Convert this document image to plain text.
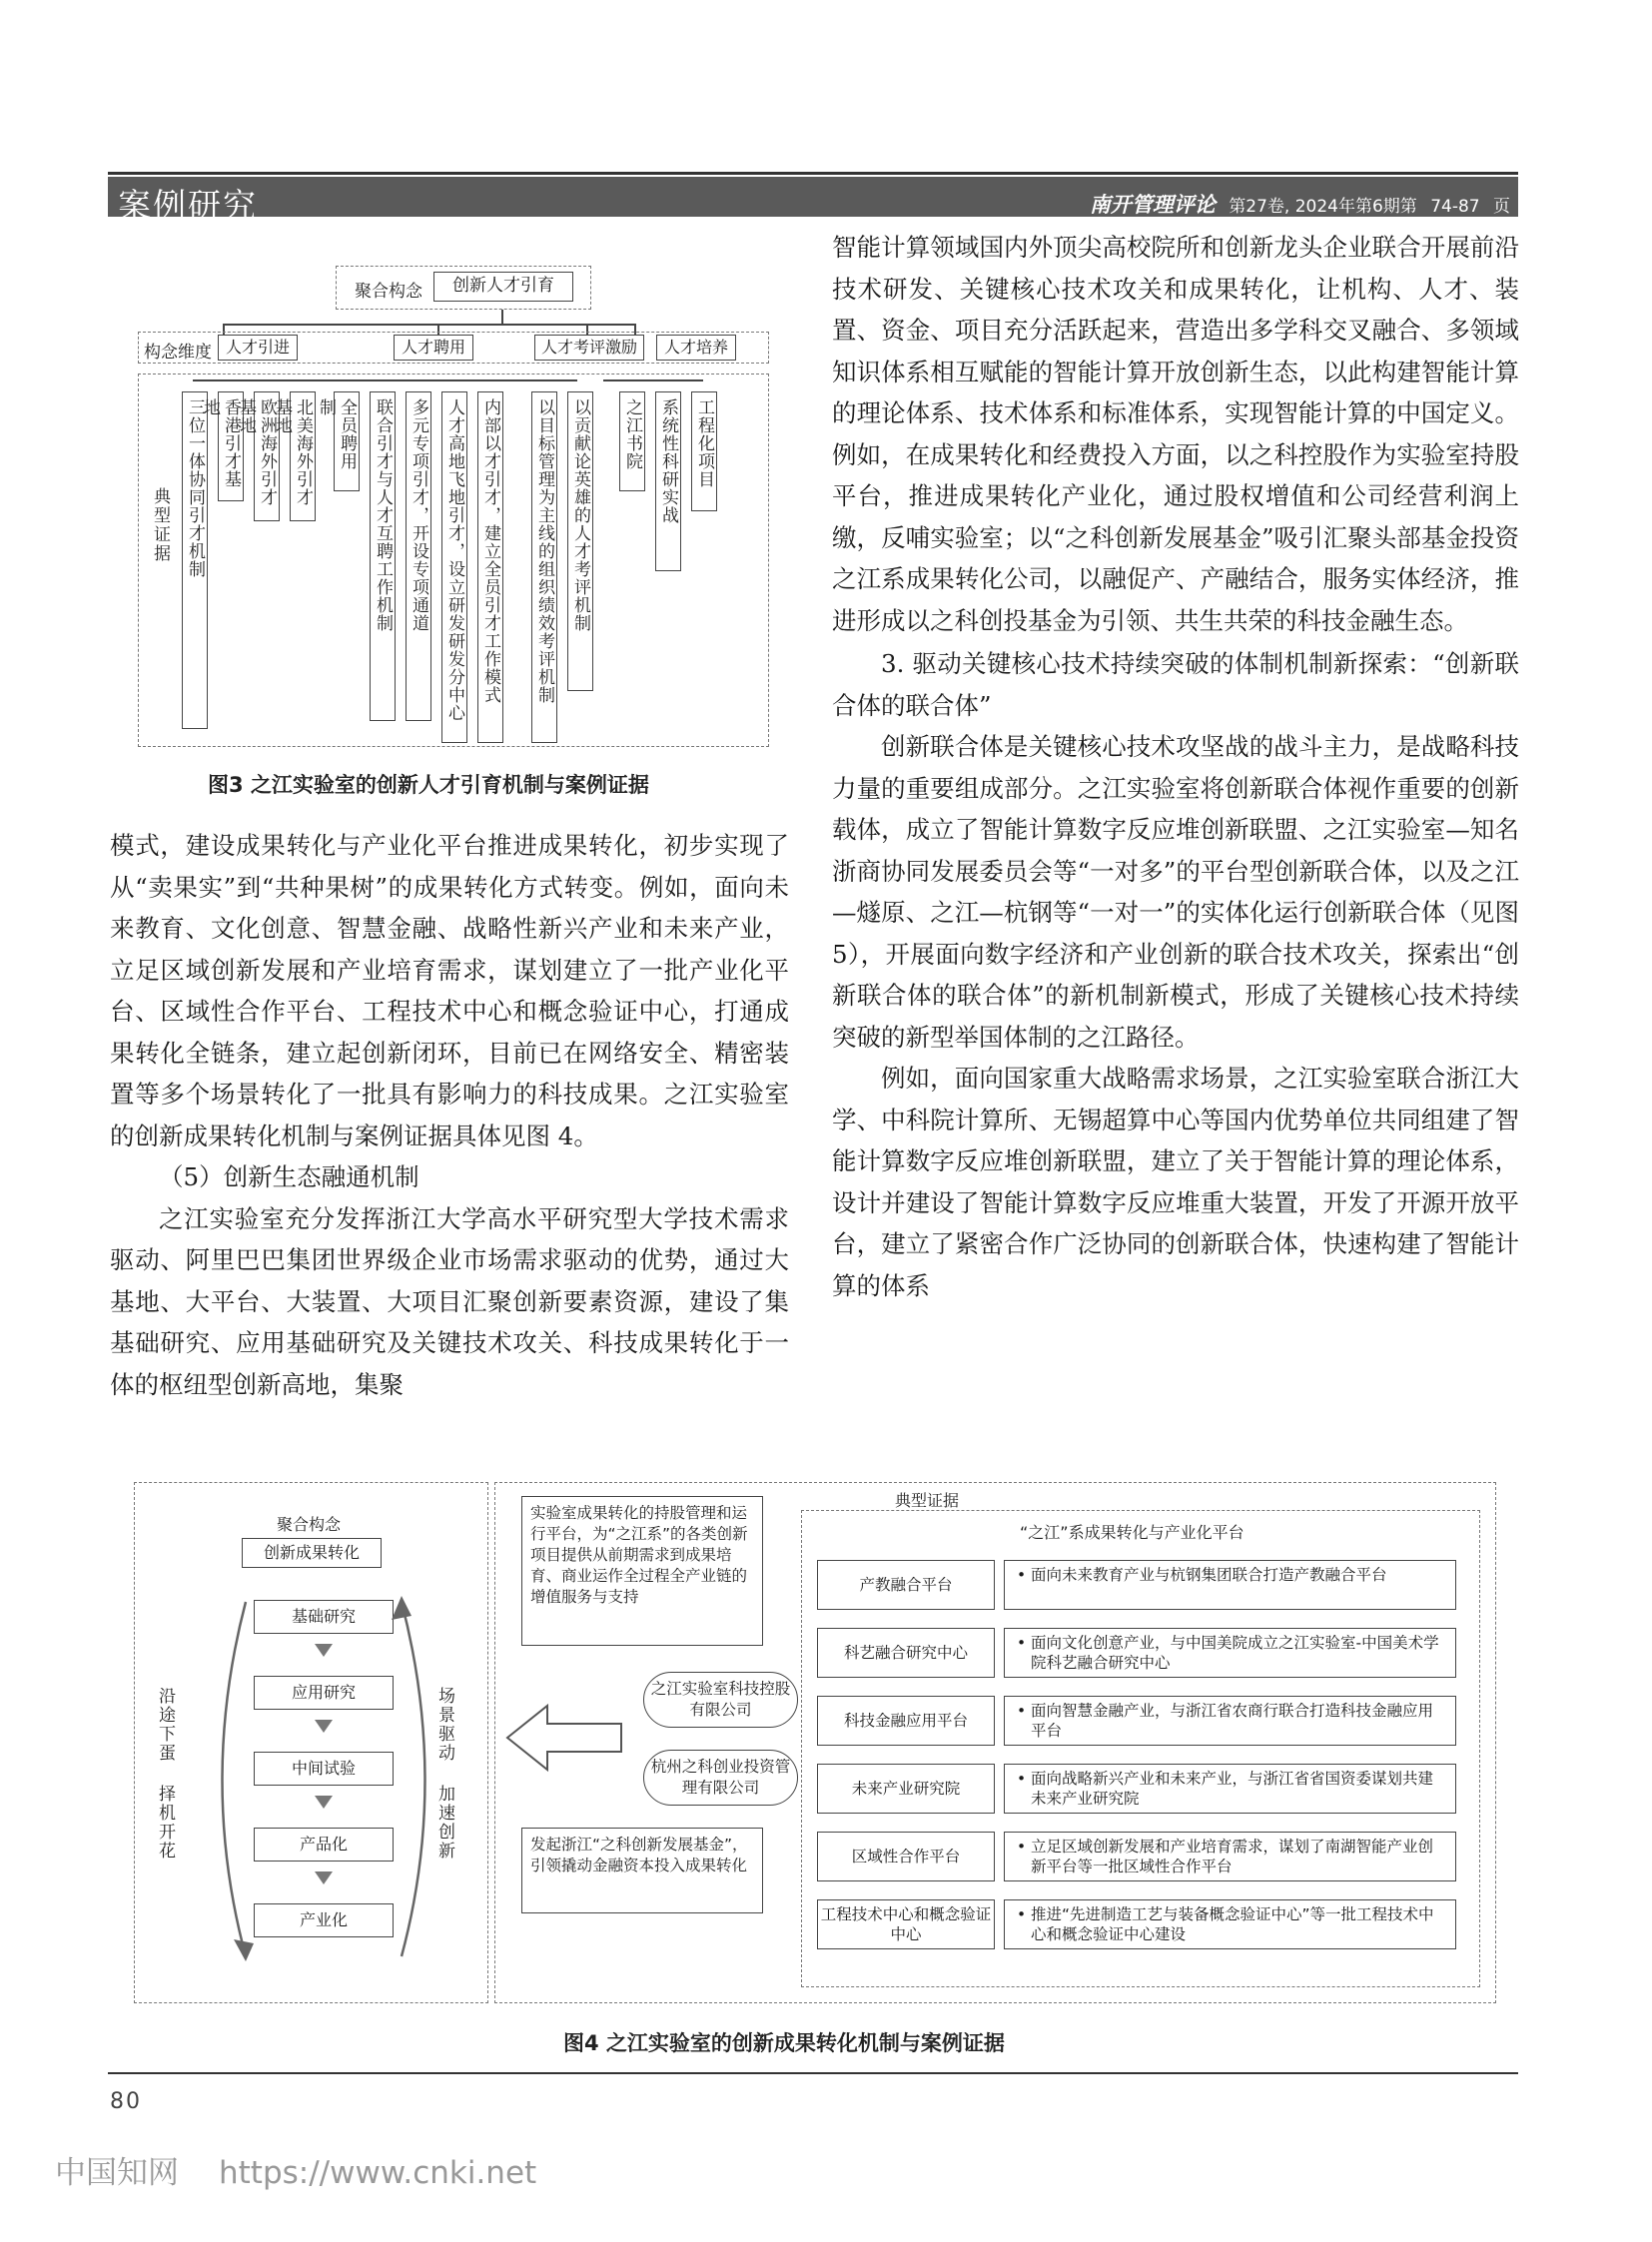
案例研究	南开管理评论 第27卷, 2024年第6期第 74-87 页
聚合构念	创新人才引育
构念维度 人才引进	人才聘用	人才考评激励	人才培养
典型证据 三位一体协同引才机制 香港引才基地	欧洲海外引才基地	北美海外引才基地	全员聘用制	联合引才与人才互聘工作机制 多元专项引才，开设专项通道 人才高地飞地引才，设立研发研发分中心 内部以才引才，建立全员引才工作模式 以目标管理为主线的组织绩效考评机制 以贡献论英雄的人才考评机制 之江书院 系统性科研实战 工程化项目
图3 之江实验室的创新人才引育机制与案例证据

模式，建设成果转化与产业化平台推进成果转化，初步实现了从“卖果实”到“共种果树”的成果转化方式转变。例如，面向未来教育、文化创意、智慧金融、战略性新兴产业和未来产业，立足区域创新发展和产业培育需求，谋划建立了一批产业化平台、区域性合作平台、工程技术中心和概念验证中心，打通成果转化全链条，建立起创新闭环，目前已在网络安全、精密装置等多个场景转化了一批具有影响力的科技成果。之江实验室的创新成果转化机制与案例证据具体见图 4。

（5）创新生态融通机制

之江实验室充分发挥浙江大学高水平研究型大学技术需求驱动、阿里巴巴集团世界级企业市场需求驱动的优势，通过大基地、大平台、大装置、大项目汇聚创新要素资源，建设了集基础研究、应用基础研究及关键技术攻关、科技成果转化于一体的枢纽型创新高地，集聚

智能计算领域国内外顶尖高校院所和创新龙头企业联合开展前沿技术研发、关键核心技术攻关和成果转化，让机构、人才、装置、资金、项目充分活跃起来，营造出多学科交叉融合、多领域知识体系相互赋能的智能计算开放创新生态，以此构建智能计算的理论体系、技术体系和标准体系，实现智能计算的中国定义。例如，在成果转化和经费投入方面，以之科控股作为实验室持股平台，推进成果转化产业化，通过股权增值和公司经营利润上缴，反哺实验室；以“之科创新发展基金”吸引汇聚头部基金投资之江系成果转化公司，以融促产、产融结合，服务实体经济，推进形成以之科创投基金为引领、共生共荣的科技金融生态。

3. 驱动关键核心技术持续突破的体制机制新探索：“创新联合体的联合体”

创新联合体是关键核心技术攻坚战的战斗主力，是战略科技力量的重要组成部分。之江实验室将创新联合体视作重要的创新载体，成立了智能计算数字反应堆创新联盟、之江实验室—知名浙商协同发展委员会等“一对多”的平台型创新联合体，以及之江—燧原、之江—杭钢等“一对一”的实体化运行创新联合体（见图 5），开展面向数字经济和产业创新的联合技术攻关，探索出“创新联合体的联合体”的新机制新模式，形成了关键核心技术持续突破的新型举国体制的之江路径。

例如，面向国家重大战略需求场景，之江实验室联合浙江大学、中科院计算所、无锡超算中心等国内优势单位共同组建了智能计算数字反应堆创新联盟，建立了关于智能计算的理论体系，设计并建设了智能计算数字反应堆重大装置，开发了开源开放平台，建立了紧密合作广泛协同的创新联合体，快速构建了智能计算的体系

聚合构念
创新成果转化
基础研究
应用研究
中间试验
产品化
产业化
沿途下蛋 择机开花	场景驱动 加速创新
实验室成果转化的持股管理和运行平台，为“之江系”的各类创新项目提供从前期需求到成果培育、商业运作全过程全产业链的增值服务与支持
之江实验室科技控股有限公司
杭州之科创业投资管理有限公司
发起浙江“之科创新发展基金”，引领撬动金融资本投入成果转化
典型证据
“之江”系成果转化与产业化平台
产教融合平台
• 面向未来教育产业与杭钢集团联合打造产教融合平台
科艺融合研究中心
• 面向文化创意产业，与中国美院成立之江实验室-中国美术学院科艺融合研究中心
科技金融应用平台
• 面向智慧金融产业，与浙江省农商行联合打造科技金融应用平台
未来产业研究院
• 面向战略新兴产业和未来产业，与浙江省省国资委谋划共建未来产业研究院
区域性合作平台
• 立足区域创新发展和产业培育需求，谋划了南湖智能产业创新平台等一批区域性合作平台
工程技术中心和概念验证中心
• 推进“先进制造工艺与装备概念验证中心”等一批工程技术中心和概念验证中心建设
图4 之江实验室的创新成果转化机制与案例证据
80
中国知网 https://www.cnki.net
